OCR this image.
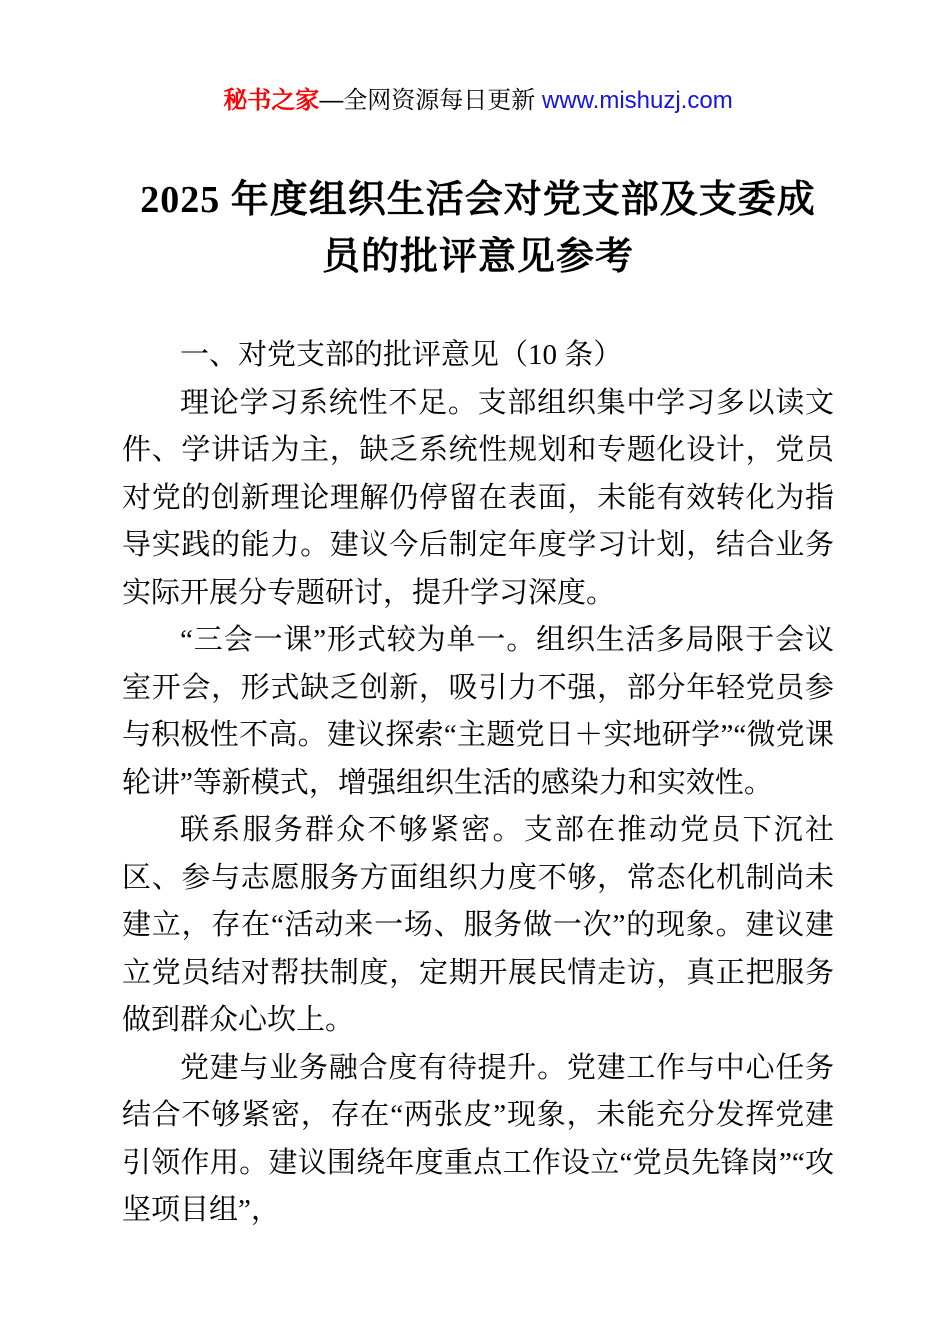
秘书之家—全网资源每日更新 www.mishuzj.com
2025 年度组织生活会对党支部及支委成员的批评意见参考

一、对党支部的批评意见（10 条）

理论学习系统性不足。支部组织集中学习多以读文件、学讲话为主，缺乏系统性规划和专题化设计，党员对党的创新理论理解仍停留在表面，未能有效转化为指导实践的能力。建议今后制定年度学习计划，结合业务实际开展分专题研讨，提升学习深度。

“三会一课”形式较为单一。组织生活多局限于会议室开会，形式缺乏创新，吸引力不强，部分年轻党员参与积极性不高。建议探索“主题党日＋实地研学”“微党课轮讲”等新模式，增强组织生活的感染力和实效性。

联系服务群众不够紧密。支部在推动党员下沉社区、参与志愿服务方面组织力度不够，常态化机制尚未建立，存在“活动来一场、服务做一次”的现象。建议建立党员结对帮扶制度，定期开展民情走访，真正把服务做到群众心坎上。

党建与业务融合度有待提升。党建工作与中心任务结合不够紧密，存在“两张皮”现象，未能充分发挥党建引领作用。建议围绕年度重点工作设立“党员先锋岗”“攻坚项目组”，
